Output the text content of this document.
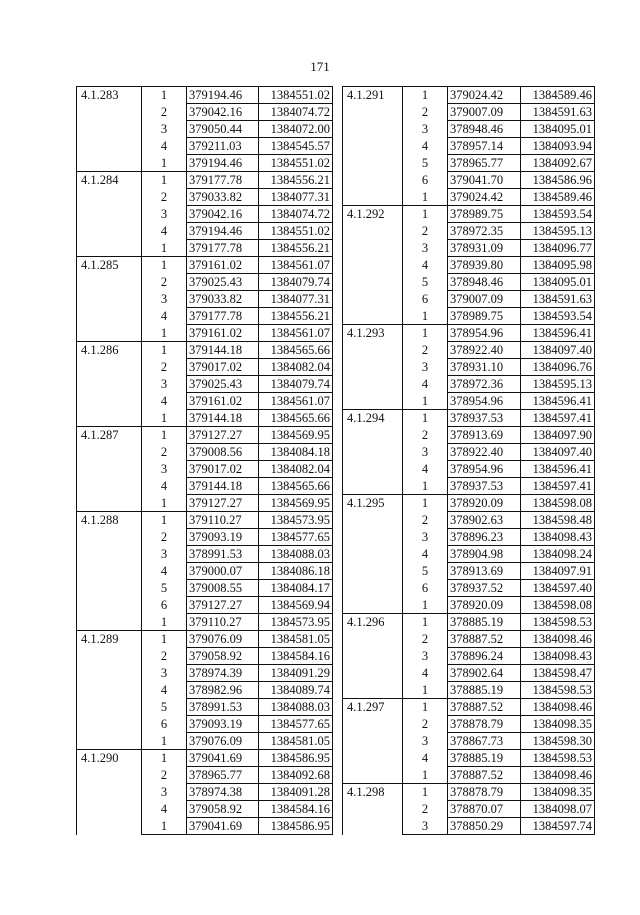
171
4.1.283	1	379194.46	1384551.02
	2	379042.16	1384074.72
	3	379050.44	1384072.00
	4	379211.03	1384545.57
	1	379194.46	1384551.02
4.1.284	1	379177.78	1384556.21
	2	379033.82	1384077.31
	3	379042.16	1384074.72
	4	379194.46	1384551.02
	1	379177.78	1384556.21
4.1.285	1	379161.02	1384561.07
	2	379025.43	1384079.74
	3	379033.82	1384077.31
	4	379177.78	1384556.21
	1	379161.02	1384561.07
4.1.286	1	379144.18	1384565.66
	2	379017.02	1384082.04
	3	379025.43	1384079.74
	4	379161.02	1384561.07
	1	379144.18	1384565.66
4.1.287	1	379127.27	1384569.95
	2	379008.56	1384084.18
	3	379017.02	1384082.04
	4	379144.18	1384565.66
	1	379127.27	1384569.95
4.1.288	1	379110.27	1384573.95
	2	379093.19	1384577.65
	3	378991.53	1384088.03
	4	379000.07	1384086.18
	5	379008.55	1384084.17
	6	379127.27	1384569.94
	1	379110.27	1384573.95
4.1.289	1	379076.09	1384581.05
	2	379058.92	1384584.16
	3	378974.39	1384091.29
	4	378982.96	1384089.74
	5	378991.53	1384088.03
	6	379093.19	1384577.65
	1	379076.09	1384581.05
4.1.290	1	379041.69	1384586.95
	2	378965.77	1384092.68
	3	378974.38	1384091.28
	4	379058.92	1384584.16
	1	379041.69	1384586.95
4.1.291	1	379024.42	1384589.46
	2	379007.09	1384591.63
	3	378948.46	1384095.01
	4	378957.14	1384093.94
	5	378965.77	1384092.67
	6	379041.70	1384586.96
	1	379024.42	1384589.46
4.1.292	1	378989.75	1384593.54
	2	378972.35	1384595.13
	3	378931.09	1384096.77
	4	378939.80	1384095.98
	5	378948.46	1384095.01
	6	379007.09	1384591.63
	1	378989.75	1384593.54
4.1.293	1	378954.96	1384596.41
	2	378922.40	1384097.40
	3	378931.10	1384096.76
	4	378972.36	1384595.13
	1	378954.96	1384596.41
4.1.294	1	378937.53	1384597.41
	2	378913.69	1384097.90
	3	378922.40	1384097.40
	4	378954.96	1384596.41
	1	378937.53	1384597.41
4.1.295	1	378920.09	1384598.08
	2	378902.63	1384598.48
	3	378896.23	1384098.43
	4	378904.98	1384098.24
	5	378913.69	1384097.91
	6	378937.52	1384597.40
	1	378920.09	1384598.08
4.1.296	1	378885.19	1384598.53
	2	378887.52	1384098.46
	3	378896.24	1384098.43
	4	378902.64	1384598.47
	1	378885.19	1384598.53
4.1.297	1	378887.52	1384098.46
	2	378878.79	1384098.35
	3	378867.73	1384598.30
	4	378885.19	1384598.53
	1	378887.52	1384098.46
4.1.298	1	378878.79	1384098.35
	2	378870.07	1384098.07
	3	378850.29	1384597.74
